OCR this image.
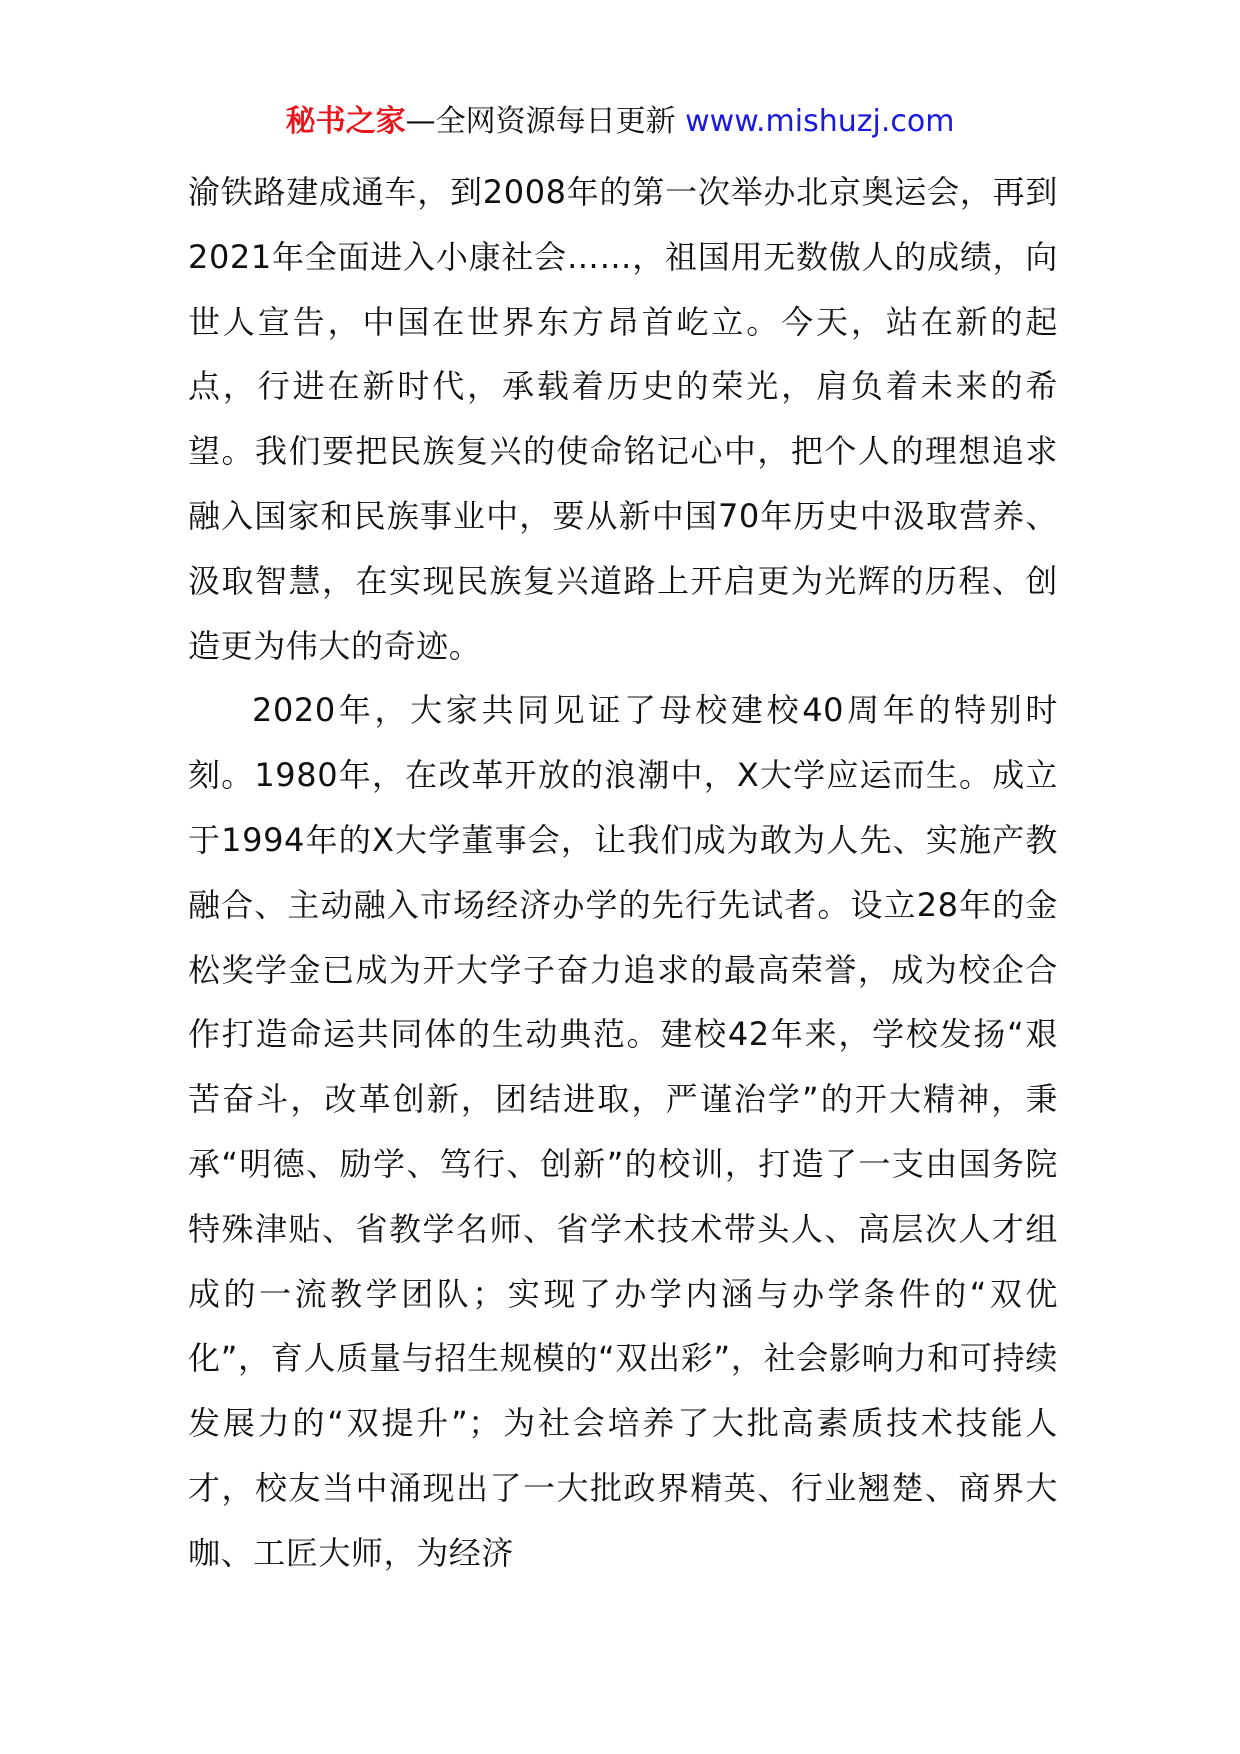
秘书之家—全网资源每日更新 www.mishuzj.com

渝铁路建成通车，到2008年的第一次举办北京奥运会，再到2021年全面进入小康社会……，祖国用无数傲人的成绩，向世人宣告，中国在世界东方昂首屹立。今天，站在新的起点，行进在新时代，承载着历史的荣光，肩负着未来的希望。我们要把民族复兴的使命铭记心中，把个人的理想追求融入国家和民族事业中，要从新中国70年历史中汲取营养、汲取智慧，在实现民族复兴道路上开启更为光辉的历程、创造更为伟大的奇迹。

2020年，大家共同见证了母校建校40周年的特别时刻。1980年，在改革开放的浪潮中，X大学应运而生。成立于1994年的X大学董事会，让我们成为敢为人先、实施产教融合、主动融入市场经济办学的先行先试者。设立28年的金松奖学金已成为开大学子奋力追求的最高荣誉，成为校企合作打造命运共同体的生动典范。建校42年来，学校发扬“艰苦奋斗，改革创新，团结进取，严谨治学”的开大精神，秉承“明德、励学、笃行、创新”的校训，打造了一支由国务院特殊津贴、省教学名师、省学术技术带头人、高层次人才组成的一流教学团队；实现了办学内涵与办学条件的“双优化”，育人质量与招生规模的“双出彩”，社会影响力和可持续发展力的“双提升”；为社会培养了大批高素质技术技能人才，校友当中涌现出了一大批政界精英、行业翘楚、商界大咖、工匠大师，为经济
